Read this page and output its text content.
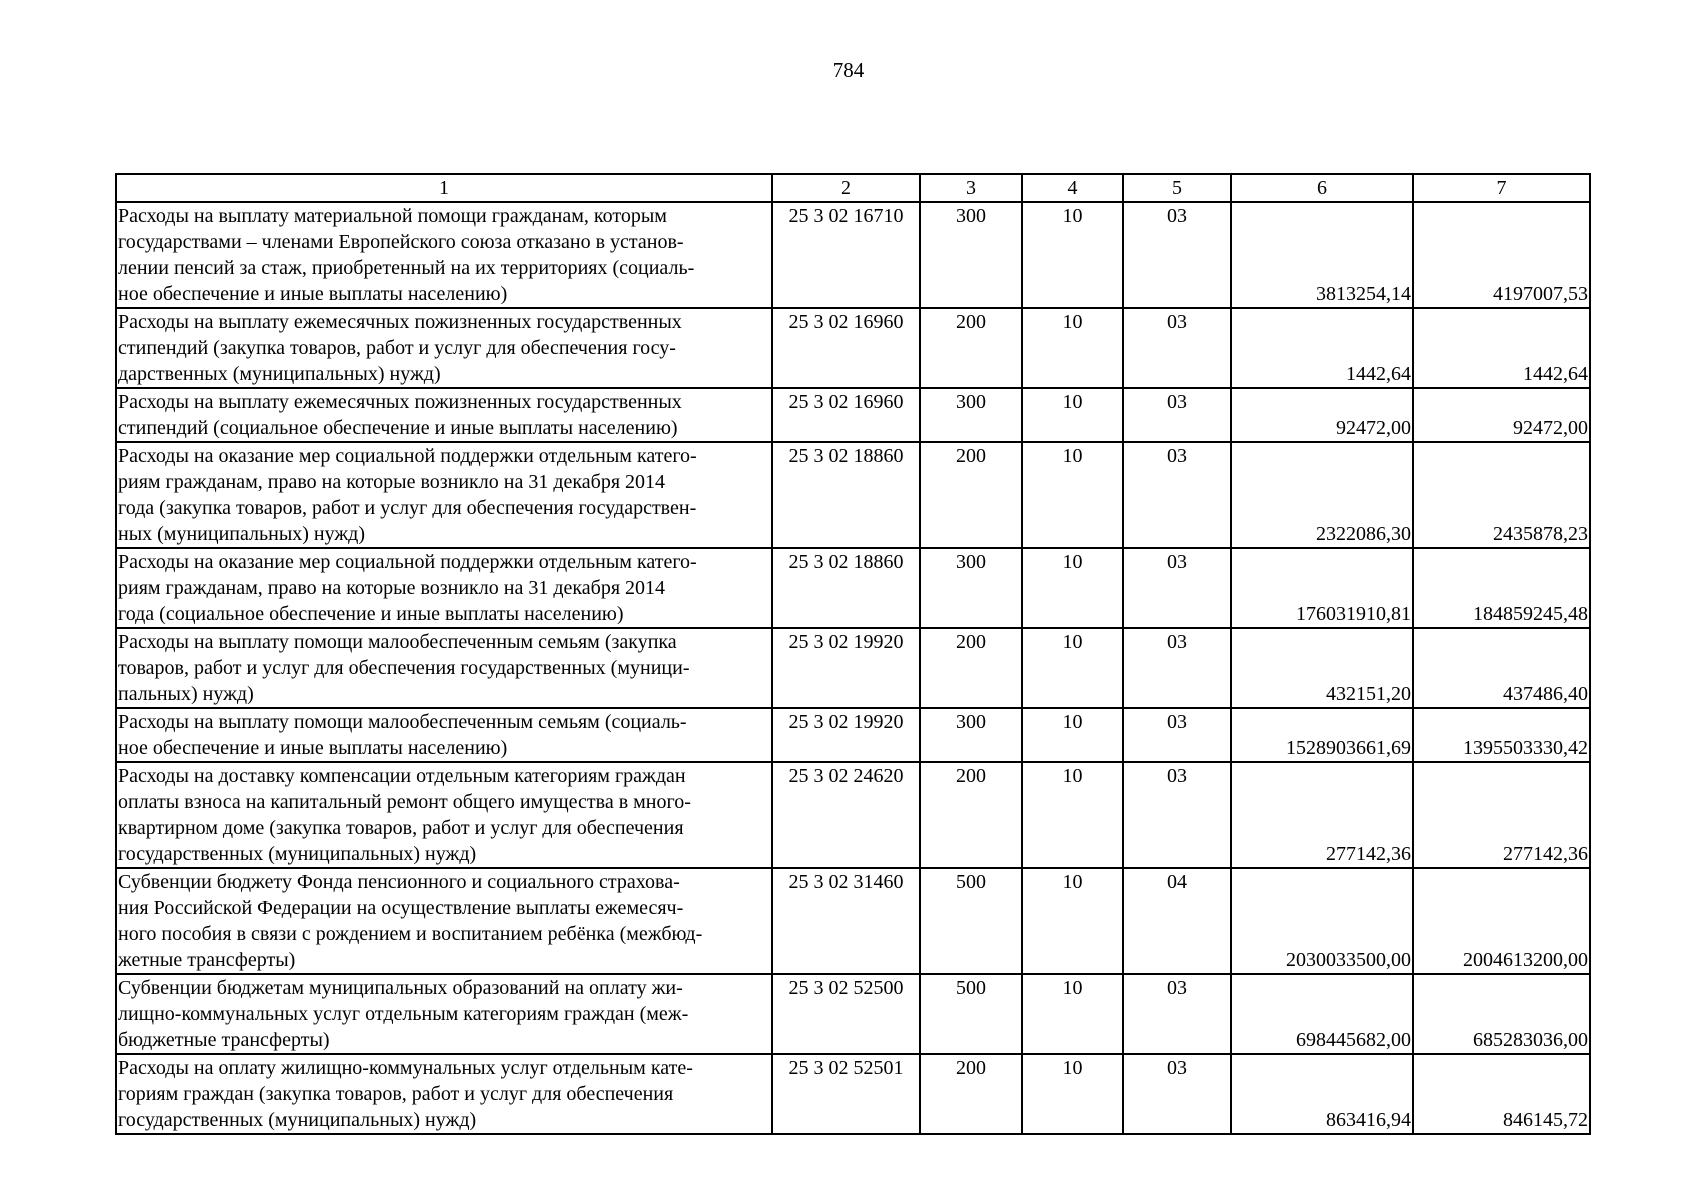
784
1	2	3	4	5	6	7

Расходы на выплату материальной помощи гражданам, которым
государствами – членами Европейского союза отказано в установ-
лении пенсий за стаж, приобретенный на их территориях (социаль-
ное обеспечение и иные выплаты населению)	25 3 02 16710	300	10	03	3813254,14	4197007,53

Расходы на выплату ежемесячных пожизненных государственных
стипендий (закупка товаров, работ и услуг для обеспечения госу-
дарственных (муниципальных) нужд)	25 3 02 16960	200	10	03	1442,64	1442,64

Расходы на выплату ежемесячных пожизненных государственных
стипендий (социальное обеспечение и иные выплаты населению)	25 3 02 16960	300	10	03	92472,00	92472,00

Расходы на оказание мер социальной поддержки отдельным катего-
риям гражданам, право на которые возникло на 31 декабря 2014
года (закупка товаров, работ и услуг для обеспечения государствен-
ных (муниципальных) нужд)	25 3 02 18860	200	10	03	2322086,30	2435878,23

Расходы на оказание мер социальной поддержки отдельным катего-
риям гражданам, право на которые возникло на 31 декабря 2014
года (социальное обеспечение и иные выплаты населению)	25 3 02 18860	300	10	03	176031910,81	184859245,48

Расходы на выплату помощи малообеспеченным семьям (закупка
товаров, работ и услуг для обеспечения государственных (муници-
пальных) нужд)	25 3 02 19920	200	10	03	432151,20	437486,40

Расходы на выплату помощи малообеспеченным семьям (социаль-
ное обеспечение и иные выплаты населению)	25 3 02 19920	300	10	03	1528903661,69	1395503330,42

Расходы на доставку компенсации отдельным категориям граждан
оплаты взноса на капитальный ремонт общего имущества в много-
квартирном доме (закупка товаров, работ и услуг для обеспечения
государственных (муниципальных) нужд)	25 3 02 24620	200	10	03	277142,36	277142,36

Субвенции бюджету Фонда пенсионного и социального страхова-
ния Российской Федерации на осуществление выплаты ежемесяч-
ного пособия в связи с рождением и воспитанием ребёнка (межбюд-
жетные трансферты)	25 3 02 31460	500	10	04	2030033500,00	2004613200,00

Субвенции бюджетам муниципальных образований на оплату жи-
лищно-коммунальных услуг отдельным категориям граждан (меж-
бюджетные трансферты)	25 3 02 52500	500	10	03	698445682,00	685283036,00

Расходы на оплату жилищно-коммунальных услуг отдельным кате-
гориям граждан (закупка товаров, работ и услуг для обеспечения
государственных (муниципальных) нужд)	25 3 02 52501	200	10	03	863416,94	846145,72
